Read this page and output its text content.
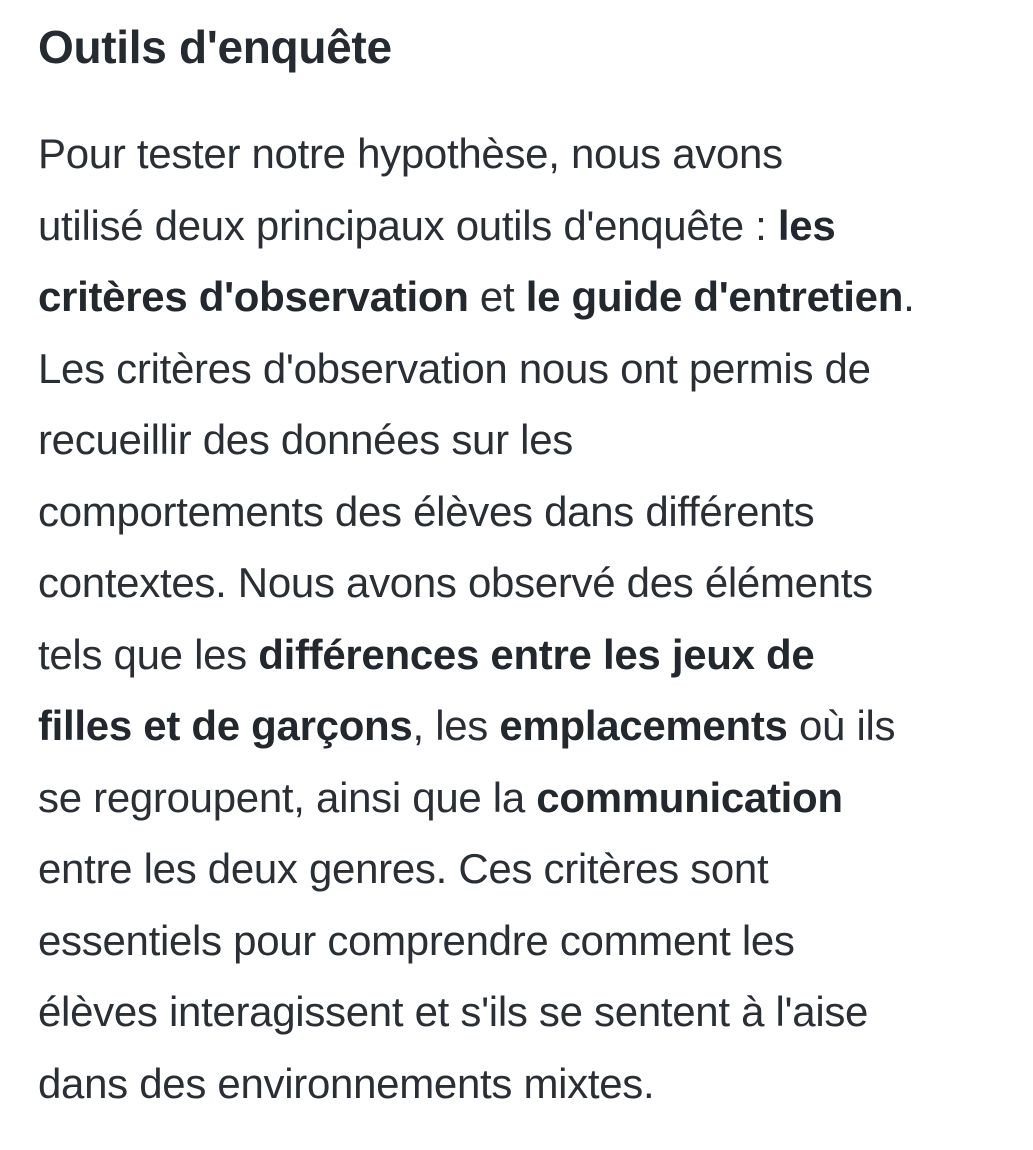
Outils d'enquête
Pour tester notre hypothèse, nous avons
utilisé deux principaux outils d'enquête : les
critères d'observation et le guide d'entretien.
Les critères d'observation nous ont permis de
recueillir des données sur les
comportements des élèves dans différents
contextes. Nous avons observé des éléments
tels que les différences entre les jeux de
filles et de garçons, les emplacements où ils
se regroupent, ainsi que la communication
entre les deux genres. Ces critères sont
essentiels pour comprendre comment les
élèves interagissent et s'ils se sentent à l'aise
dans des environnements mixtes.
